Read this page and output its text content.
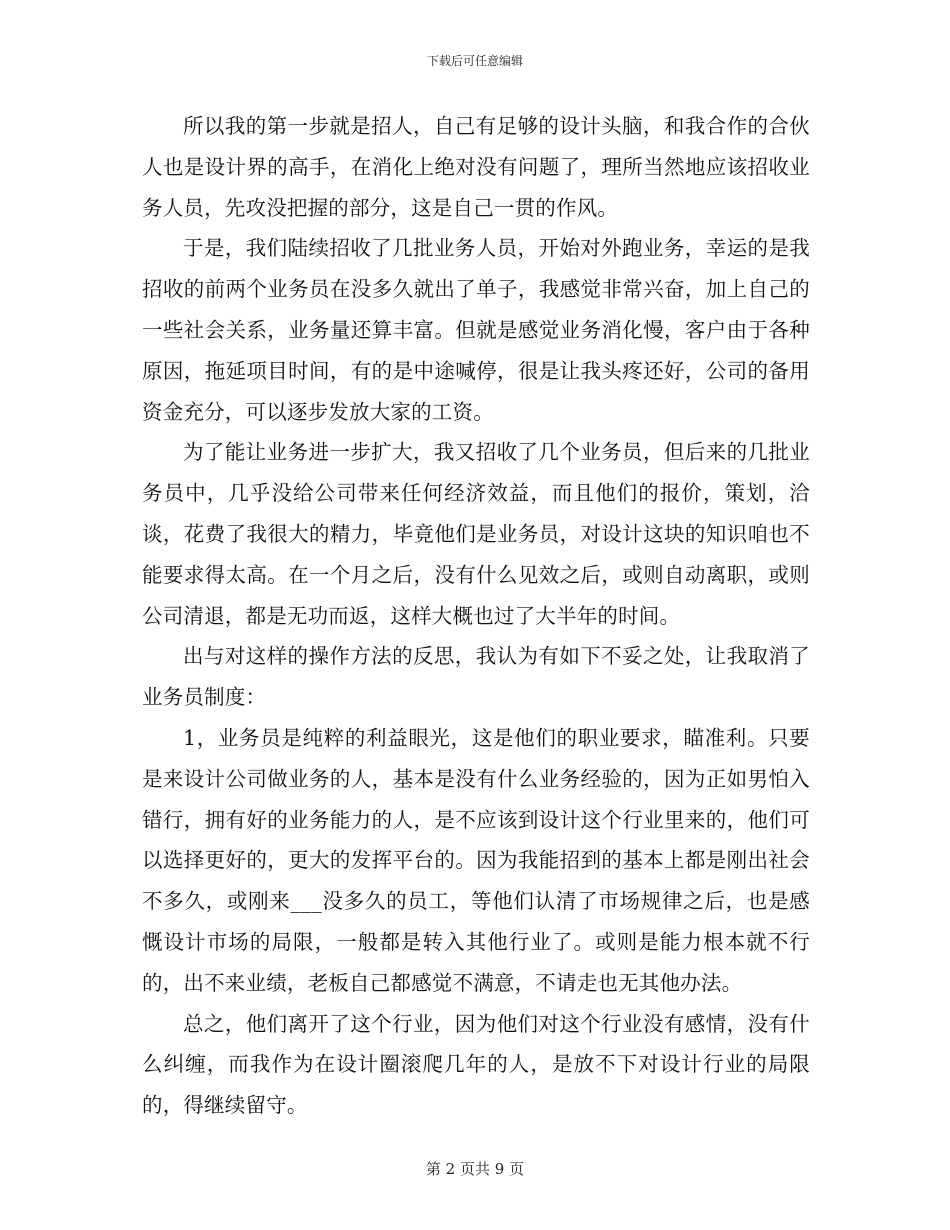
下载后可任意编辑

所以我的第一步就是招人，自己有足够的设计头脑，和我合作的合伙人也是设计界的高手，在消化上绝对没有问题了，理所当然地应该招收业务人员，先攻没把握的部分，这是自己一贯的作风。

于是，我们陆续招收了几批业务人员，开始对外跑业务，幸运的是我招收的前两个业务员在没多久就出了单子，我感觉非常兴奋，加上自己的一些社会关系，业务量还算丰富。但就是感觉业务消化慢，客户由于各种原因，拖延项目时间，有的是中途喊停，很是让我头疼还好，公司的备用资金充分，可以逐步发放大家的工资。

为了能让业务进一步扩大，我又招收了几个业务员，但后来的几批业务员中，几乎没给公司带来任何经济效益，而且他们的报价，策划，洽谈，花费了我很大的精力，毕竟他们是业务员，对设计这块的知识咱也不能要求得太高。在一个月之后，没有什么见效之后，或则自动离职，或则公司清退，都是无功而返，这样大概也过了大半年的时间。

出与对这样的操作方法的反思，我认为有如下不妥之处，让我取消了业务员制度：

1，业务员是纯粹的利益眼光，这是他们的职业要求，瞄准利。只要是来设计公司做业务的人，基本是没有什么业务经验的，因为正如男怕入错行，拥有好的业务能力的人，是不应该到设计这个行业里来的，他们可以选择更好的，更大的发挥平台的。因为我能招到的基本上都是刚出社会不多久，或刚来___没多久的员工，等他们认清了市场规律之后，也是感慨设计市场的局限，一般都是转入其他行业了。或则是能力根本就不行的，出不来业绩，老板自己都感觉不满意，不请走也无其他办法。

总之，他们离开了这个行业，因为他们对这个行业没有感情，没有什么纠缠，而我作为在设计圈滚爬几年的人，是放不下对设计行业的局限的，得继续留守。

第 2 页共 9 页
